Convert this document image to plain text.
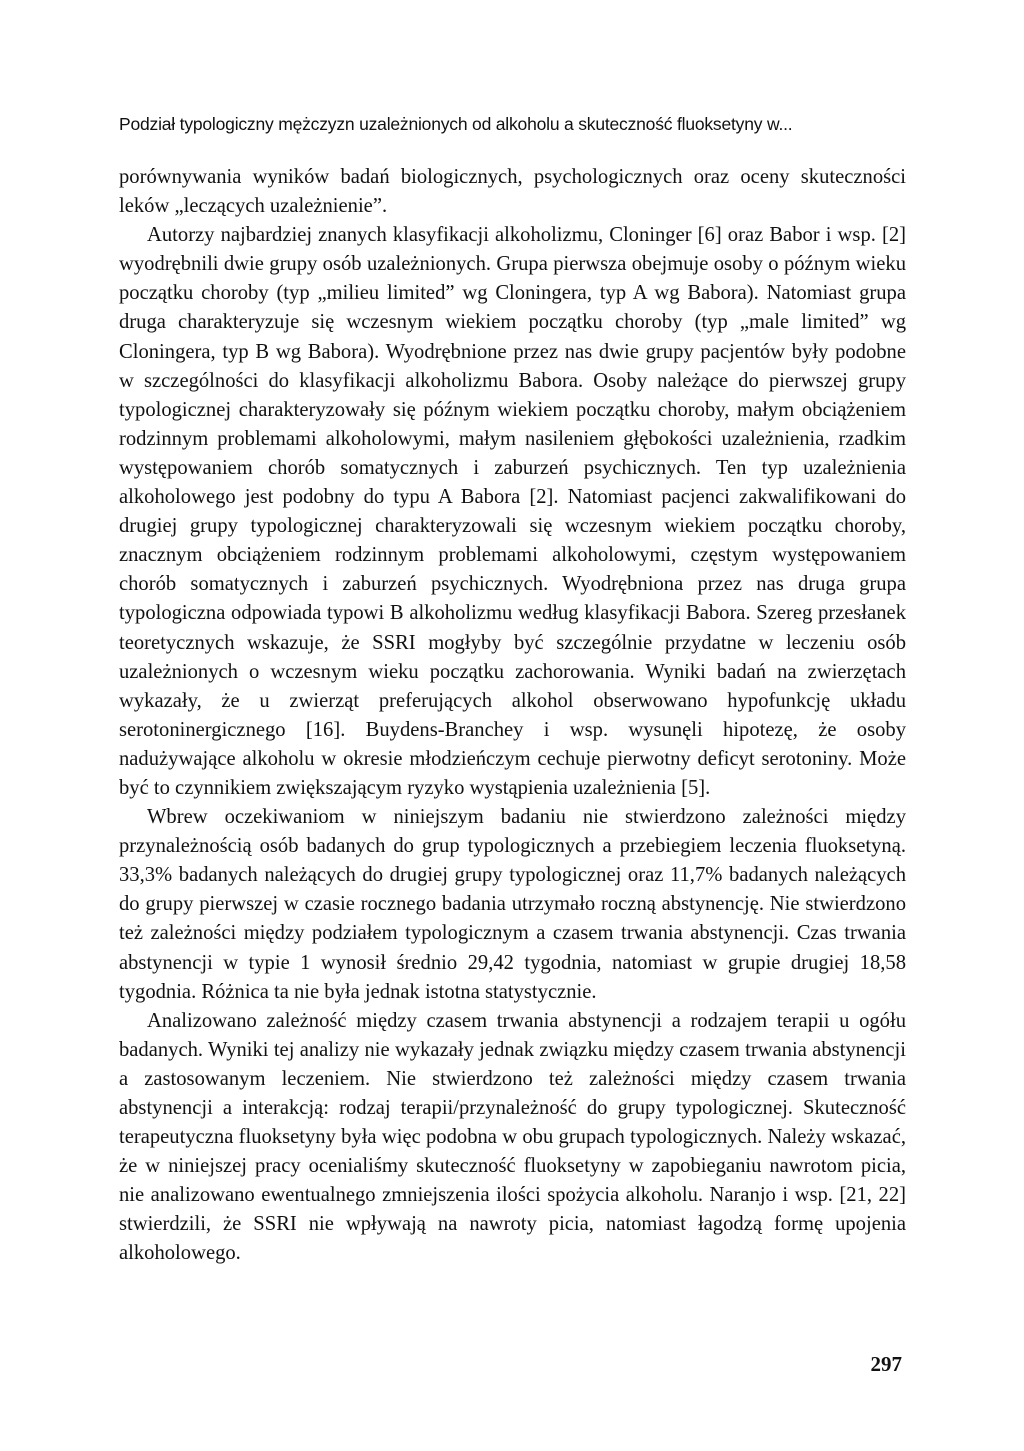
Podział typologiczny mężczyzn uzależnionych od alkoholu a skuteczność fluoksetyny w...

porównywania wyników badań biologicznych, psychologicznych oraz oceny skuteczności leków „leczących uzależnienie”.

Autorzy najbardziej znanych klasyfikacji alkoholizmu, Cloninger [6] oraz Babor i wsp. [2] wyodrębnili dwie grupy osób uzależnionych. Grupa pierwsza obejmuje osoby o późnym wieku początku choroby (typ „milieu limited” wg Cloningera, typ A wg Babora). Natomiast grupa druga charakteryzuje się wczesnym wiekiem początku choroby (typ „male limited” wg Cloningera, typ B wg Babora). Wyodrębnione przez nas dwie grupy pacjentów były podobne w szczególności do klasyfikacji alkoholizmu Babora. Osoby należące do pierwszej grupy typologicznej charakteryzowały się późnym wiekiem początku choroby, małym obciążeniem rodzinnym problemami alkoholowymi, małym nasileniem głębokości uzależnienia, rzadkim występowaniem chorób somatycznych i zaburzeń psychicznych. Ten typ uzależnienia alkoholowego jest podobny do typu A Babora [2]. Natomiast pacjenci zakwalifikowani do drugiej grupy typologicznej charakteryzowali się wczesnym wiekiem początku choroby, znacznym obciążeniem rodzinnym problemami alkoholowymi, częstym występowaniem chorób somatycznych i zaburzeń psychicznych. Wyodrębniona przez nas druga grupa typologiczna odpowiada typowi B alkoholizmu według klasyfikacji Babora. Szereg przesłanek teoretycznych wskazuje, że SSRI mogłyby być szczególnie przydatne w leczeniu osób uzależnionych o wczesnym wieku początku zachorowania. Wyniki badań na zwierzętach wykazały, że u zwierząt preferujących alkohol obserwowano hypofunkcję układu serotoninergicznego [16]. Buydens-Branchey i wsp. wysunęli hipotezę, że osoby nadużywające alkoholu w okresie młodzieńczym cechuje pierwotny deficyt serotoniny. Może być to czynnikiem zwiększającym ryzyko wystąpienia uzależnienia [5].

Wbrew oczekiwaniom w niniejszym badaniu nie stwierdzono zależności między przynależnością osób badanych do grup typologicznych a przebiegiem leczenia fluoksetyną. 33,3% badanych należących do drugiej grupy typologicznej oraz 11,7% badanych należących do grupy pierwszej w czasie rocznego badania utrzymało roczną abstynencję. Nie stwierdzono też zależności między podziałem typologicznym a czasem trwania abstynencji. Czas trwania abstynencji w typie 1 wynosił średnio 29,42 tygodnia, natomiast w grupie drugiej 18,58 tygodnia. Różnica ta nie była jednak istotna statystycznie.

Analizowano zależność między czasem trwania abstynencji a rodzajem terapii u ogółu badanych. Wyniki tej analizy nie wykazały jednak związku między czasem trwania abstynencji a zastosowanym leczeniem. Nie stwierdzono też zależności między czasem trwania abstynencji a interakcją: rodzaj terapii/przynależność do grupy typologicznej. Skuteczność terapeutyczna fluoksetyny była więc podobna w obu grupach typologicznych. Należy wskazać, że w niniejszej pracy ocenialiśmy skuteczność fluoksetyny w zapobieganiu nawrotom picia, nie analizowano ewentualnego zmniejszenia ilości spożycia alkoholu. Naranjo i wsp. [21, 22] stwierdzili, że SSRI nie wpływają na nawroty picia, natomiast łagodzą formę upojenia alkoholowego.

297
